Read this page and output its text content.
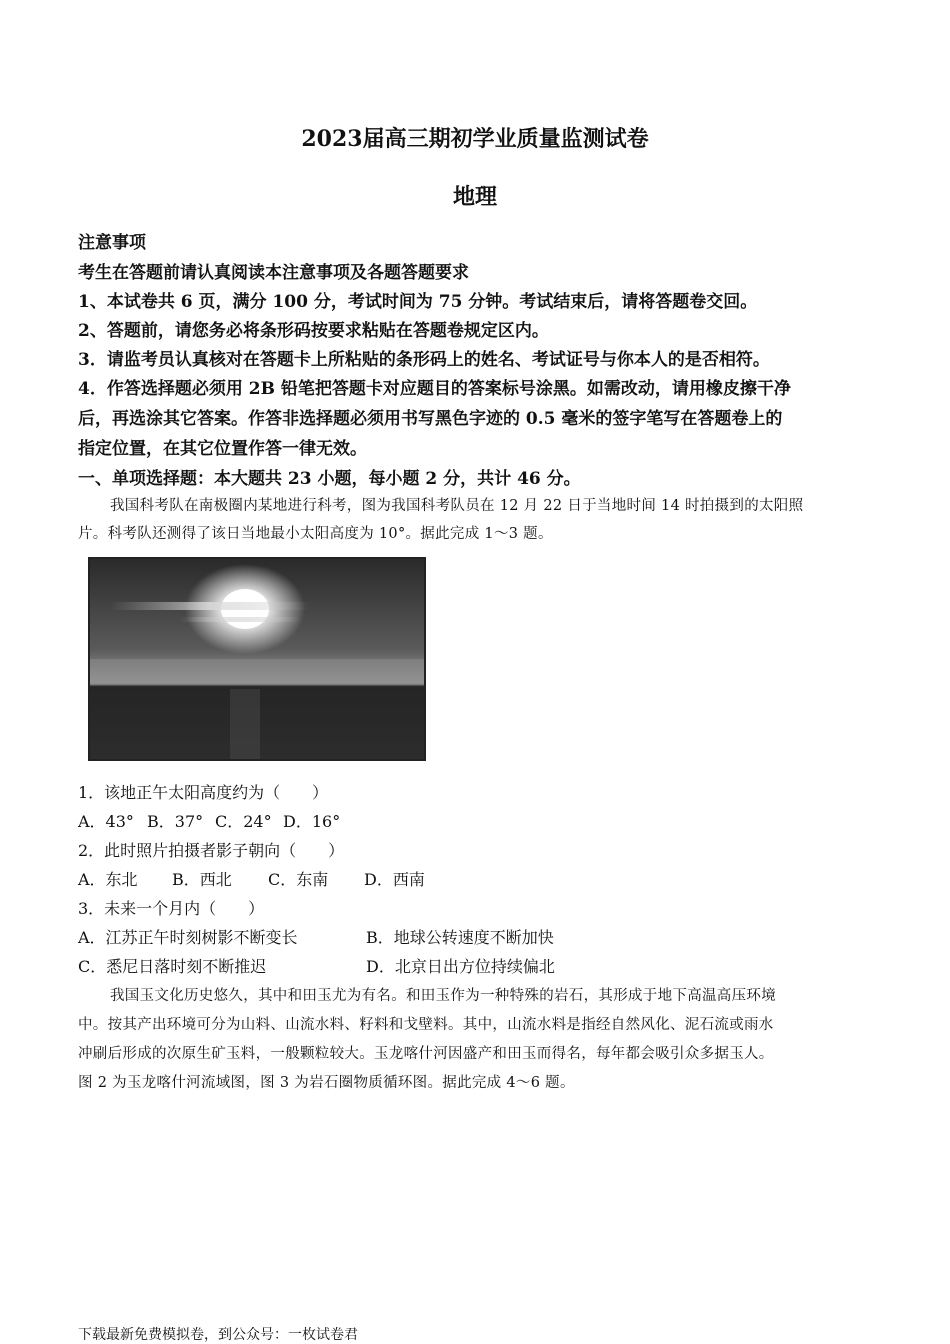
2023届高三期初学业质量监测试卷
地理
注意事项
考生在答题前请认真阅读本注意事项及各题答题要求
1、本试卷共 6 页，满分 100 分，考试时间为 75 分钟。考试结束后，请将答题卷交回。
2、答题前，请您务必将条形码按要求粘贴在答题卷规定区内。
3．请监考员认真核对在答题卡上所粘贴的条形码上的姓名、考试证号与你本人的是否相符。
4．作答选择题必须用 2B 铅笔把答题卡对应题目的答案标号涂黑。如需改动，请用橡皮擦干净
后，再选涂其它答案。作答非选择题必须用书写黑色字迹的 0.5 毫米的签字笔写在答题卷上的
指定位置，在其它位置作答一律无效。
一、单项选择题：本大题共 23 小题，每小题 2 分，共计 46 分。
我国科考队在南极圈内某地进行科考，图为我国科考队员在 12 月 22 日于当地时间 14 时拍摄到的太阳照
片。科考队还测得了该日当地最小太阳高度为 10°。据此完成 1～3 题。
1．该地正午太阳高度约为（　　）
A．43° B．37° C．24° D．16°
2．此时照片拍摄者影子朝向（　　）
A．东北 B．西北 C．东南 D．西南
3．未来一个月内（　　）
A．江苏正午时刻树影不断变长	B．地球公转速度不断加快
C．悉尼日落时刻不断推迟	D．北京日出方位持续偏北
我国玉文化历史悠久，其中和田玉尤为有名。和田玉作为一种特殊的岩石，其形成于地下高温高压环境
中。按其产出环境可分为山料、山流水料、籽料和戈壁料。其中，山流水料是指经自然风化、泥石流或雨水
冲刷后形成的次原生矿玉料，一般颗粒较大。玉龙喀什河因盛产和田玉而得名，每年都会吸引众多据玉人。
图 2 为玉龙喀什河流域图，图 3 为岩石圈物质循环图。据此完成 4～6 题。
下载最新免费模拟卷，到公众号：一枚试卷君
